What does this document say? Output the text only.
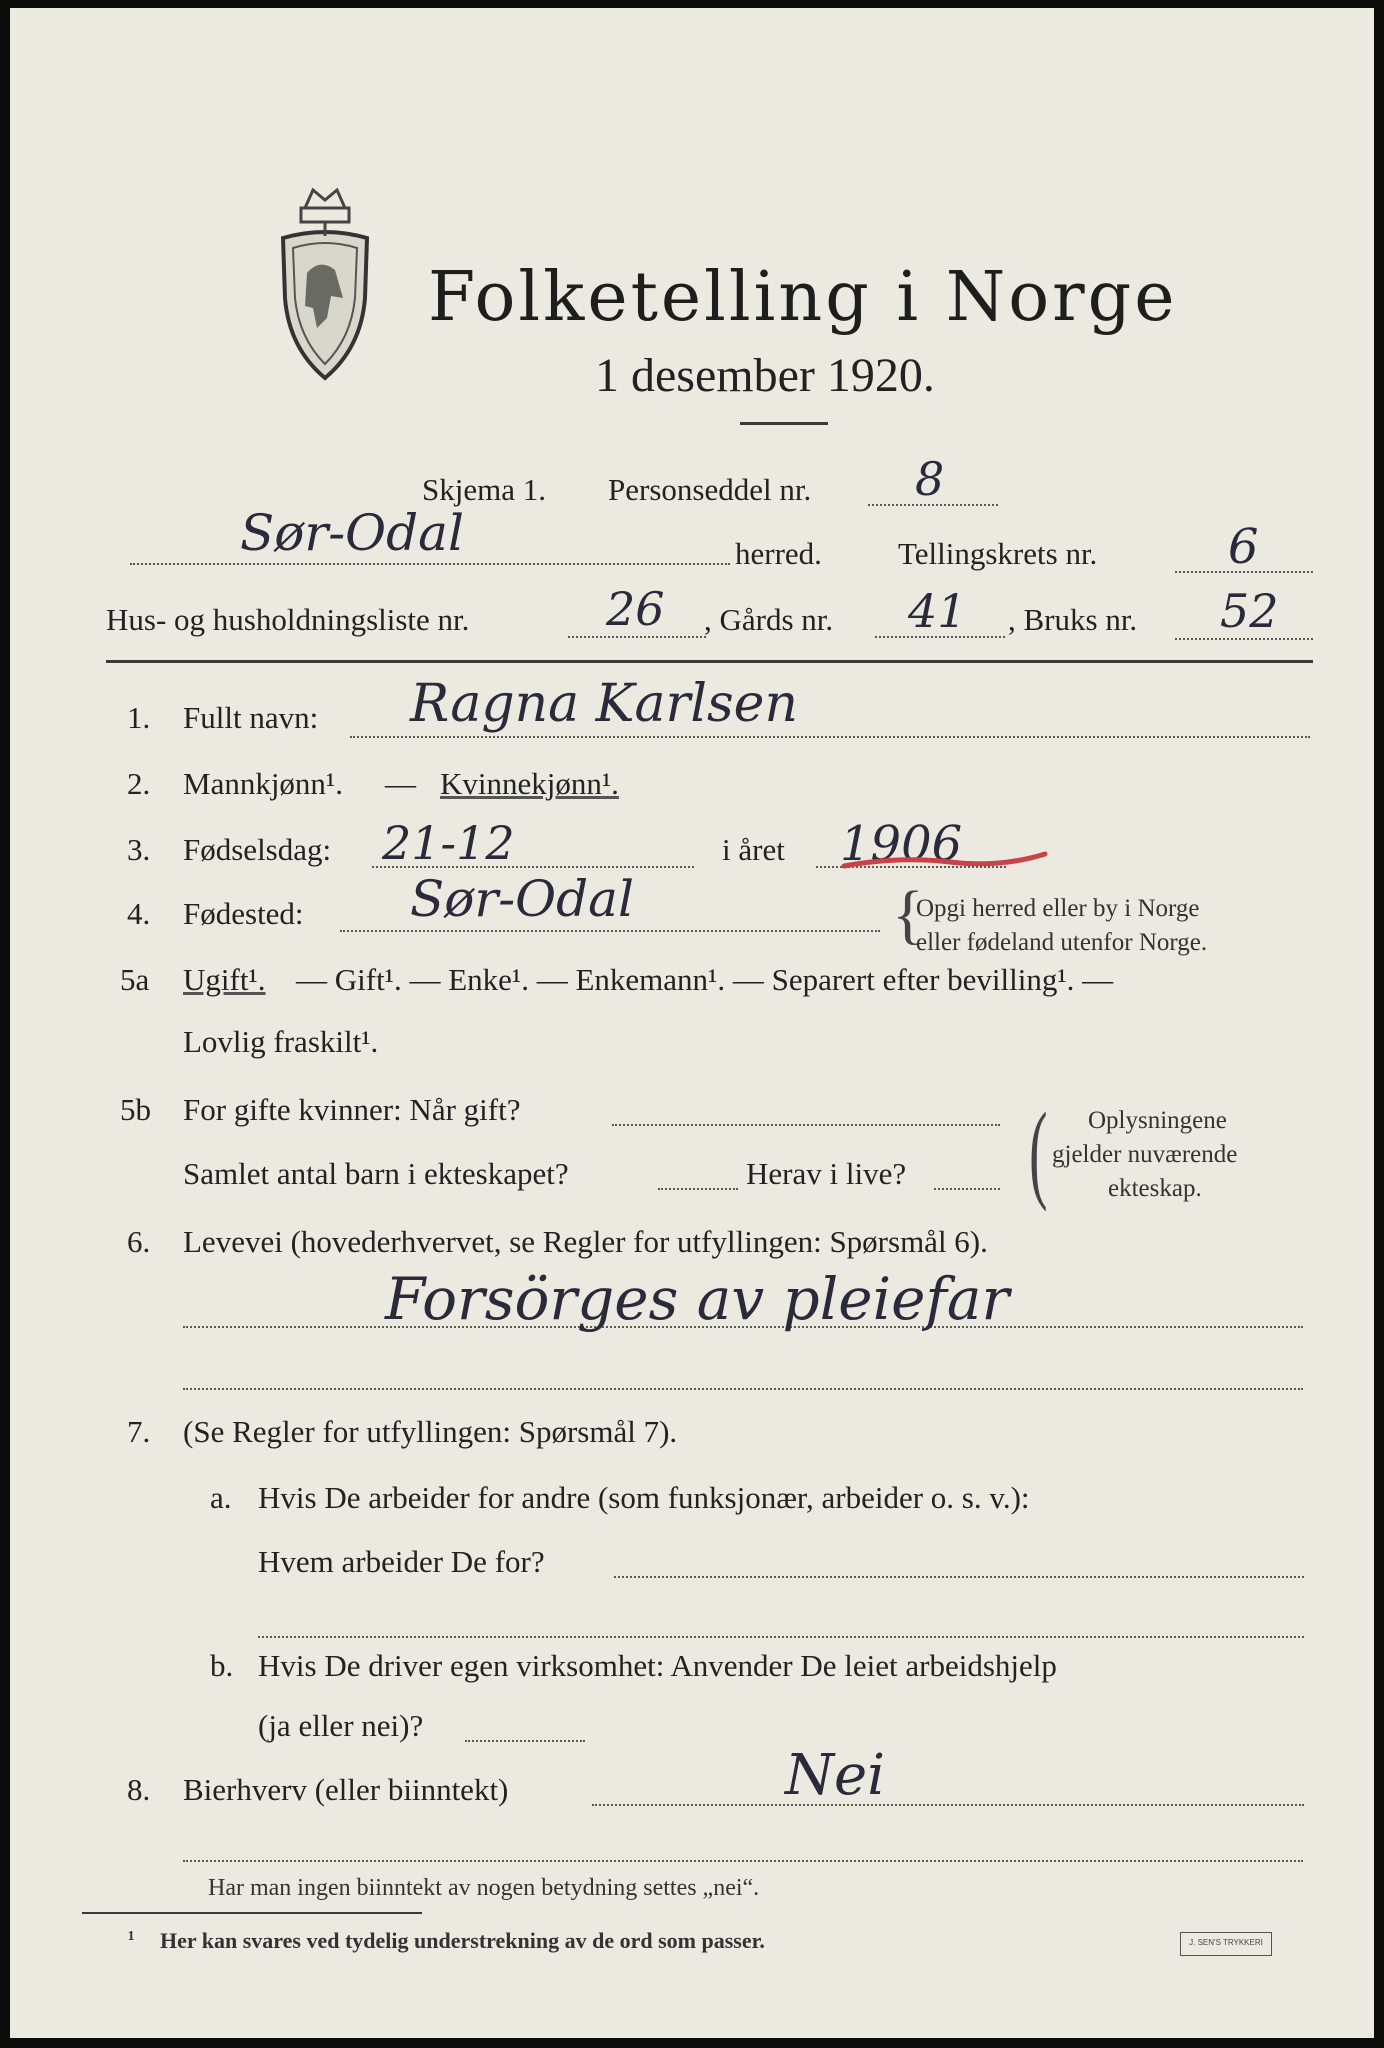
Folketelling i Norge
1 desember 1920.
Skjema 1. Personseddel nr. 8
Sør-Odal	herred. Tellingskrets nr.	6
Hus- og husholdningsliste nr.	26 , Gårds nr. 41 , Bruks nr. 52
1. Fullt navn: Ragna Karlsen
2. Mannkjønn¹. — Kvinnekjønn¹.
3. Fødselsdag: 21-12	i året 1906
4. Fødested: Sør-Odal	{
Opgi herred eller by i Norge
eller fødeland utenfor Norge.
5a Ugift¹. — Gift¹. — Enke¹. — Enkemann¹. — Separert efter bevilling¹. —
Lovlig fraskilt¹.
5b For gifte kvinner: Når gift?
Samlet antal barn i ekteskapet?	Herav i live? ( Oplysningene
gjelder nuværende
ekteskap.
6. Levevei (hovederhvervet, se Regler for utfyllingen: Spørsmål 6).
Forsörges av pleiefar
7. (Se Regler for utfyllingen: Spørsmål 7).
a. Hvis De arbeider for andre (som funksjonær, arbeider o. s. v.):
Hvem arbeider De for?
b. Hvis De driver egen virksomhet: Anvender De leiet arbeidshjelp
(ja eller nei)?
8. Bierhverv (eller biinntekt)	Nei
Har man ingen biinntekt av nogen betydning settes „nei“.
¹ Her kan svares ved tydelig understrekning av de ord som passer.	J. SEN'S TRYKKERI
